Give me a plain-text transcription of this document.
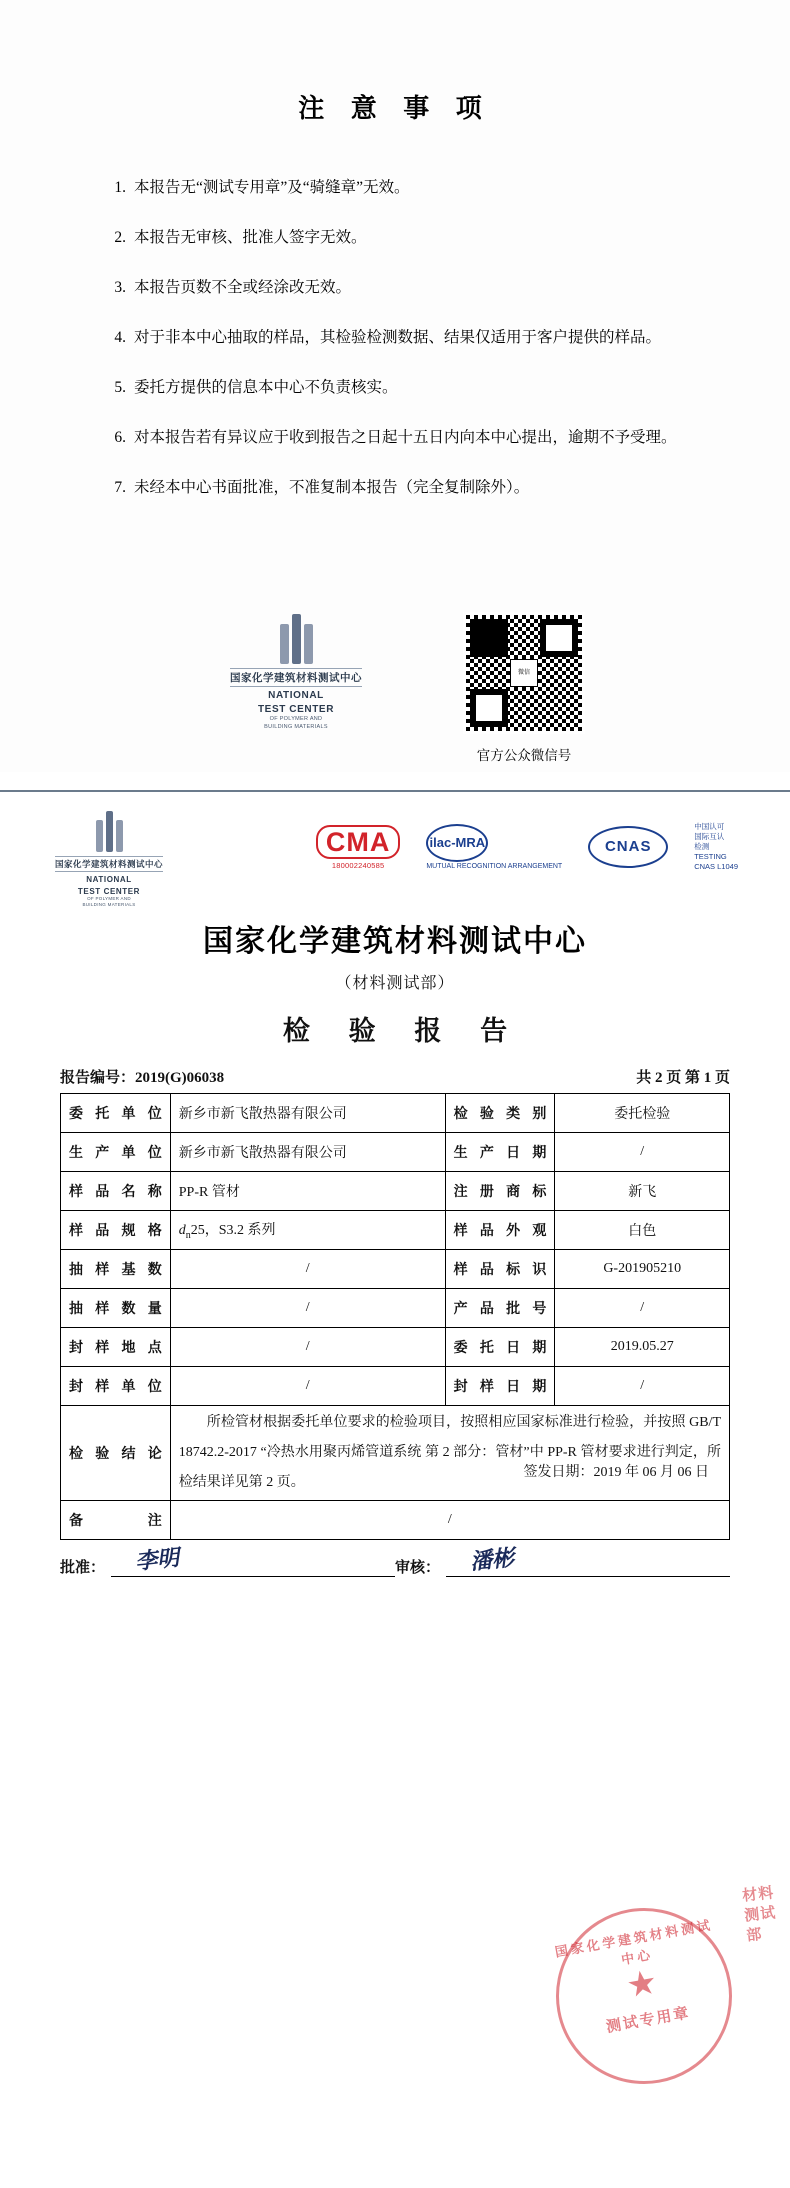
注 意 事 项
1. 本报告无“测试专用章”及“骑缝章”无效。
2. 本报告无审核、批准人签字无效。
3. 本报告页数不全或经涂改无效。
4. 对于非本中心抽取的样品，其检验检测数据、结果仅适用于客户提供的样品。
5. 委托方提供的信息本中心不负责核实。
6. 对本报告若有异议应于收到报告之日起十五日内向本中心提出，逾期不予受理。
7. 未经本中心书面批准，不准复制本报告（完全复制除外）。
国家化学建筑材料测试中心
NATIONAL
TEST CENTER
OF POLYMER AND
BUILDING MATERIALS
微信
官方公众微信号
国家化学建筑材料测试中心
NATIONAL
TEST CENTER
OF POLYMER AND
BUILDING MATERIALS
CMA
180002240585
ilac-MRA
MUTUAL RECOGNITION ARRANGEMENT
CNAS
中国认可
国际互认
检测
TESTING
CNAS L1049
国家化学建筑材料测试中心
（材料测试部）
检 验 报 告
报告编号：2019(G)06038	共 2 页 第 1 页
委托单位	新乡市新飞散热器有限公司	检验类别	委托检验
生产单位	新乡市新飞散热器有限公司	生产日期	/
样品名称	PP-R 管材	注册商标	新飞
样品规格	$d_n25$，S3.2 系列	样品外观	白色
抽样基数	/	样品标识	G-201905210
抽样数量	/	产品批号	/
封样地点	/	委托日期	2019.05.27
封样单位	/	封样日期	/
检验结论	所检管材根据委托单位要求的检验项目，按照相应国家标准进行检验，并按照 GB/T 18742.2-2017 “冷热水用聚丙烯管道系统 第 2 部分：管材”中 PP-R 管材要求进行判定，所检结果详见第 2 页。
签发日期：2019 年 06 月 06 日		

备　　注	/		
批准： 李明	审核： 潘彬
国家化学建筑材料测试中心
★
测试专用章
材料测试部
